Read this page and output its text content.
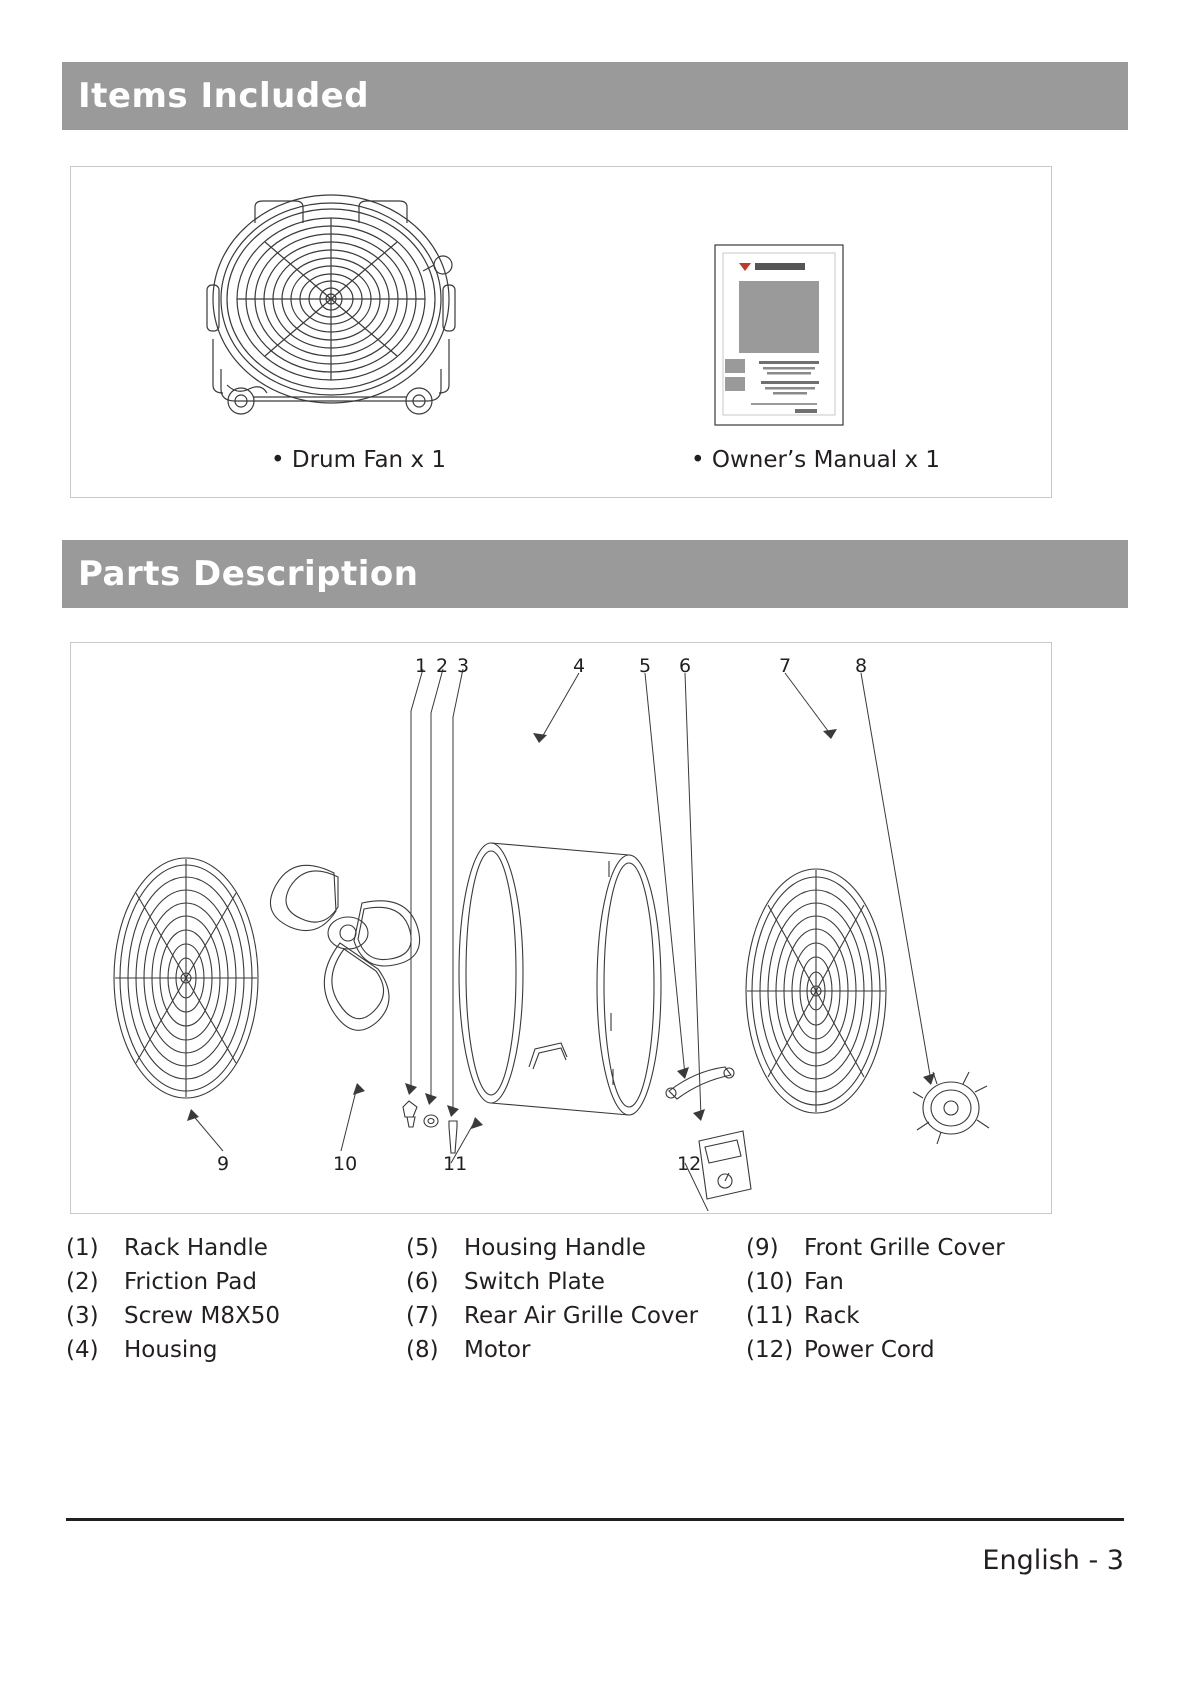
Items Included
• Drum Fan x 1	• Owner’s Manual x 1
Parts Description
1 2 3	4	5 6	7	8
9	10	11	12
(1)	Rack Handle
(2)	Friction Pad
(3)	Screw M8X50
(4)	Housing
(5)	Housing Handle
(6)	Switch Plate
(7)	Rear Air Grille Cover
(8)	Motor
(9)	Front Grille Cover
(10) Fan
(11) Rack
(12) Power Cord
English - 3
